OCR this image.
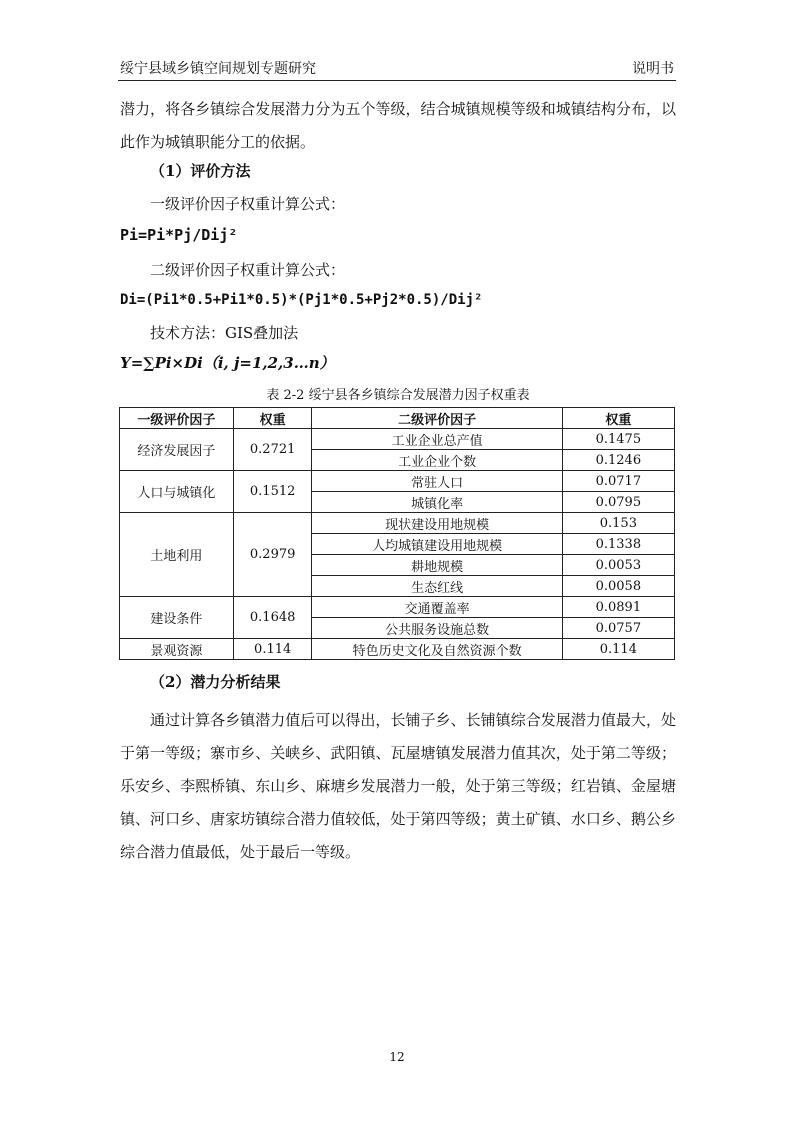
绥宁县域乡镇空间规划专题研究	说明书

潜力，将各乡镇综合发展潜力分为五个等级，结合城镇规模等级和城镇结构分布，以此作为城镇职能分工的依据。

（1）评价方法
一级评价因子权重计算公式：
Pi=Pi*Pj/Dij²
二级评价因子权重计算公式：
Di=(Pi1*0.5+Pi1*0.5)*(Pj1*0.5+Pj2*0.5)/Dij²
技术方法：GIS叠加法
Y=∑Pi×Di（i, j=1,2,3…n）
表 2-2 绥宁县各乡镇综合发展潜力因子权重表
一级评价因子	权重	二级评价因子	权重
经济发展因子	0.2721	工业企业总产值	0.1475
		工业企业个数	0.1246
人口与城镇化	0.1512	常驻人口	0.0717
		城镇化率	0.0795
土地利用	0.2979	现状建设用地规模	0.153
		人均城镇建设用地规模	0.1338
		耕地规模	0.0053
		生态红线	0.0058
建设条件	0.1648	交通覆盖率	0.0891
		公共服务设施总数	0.0757
景观资源	0.114	特色历史文化及自然资源个数	0.114
（2）潜力分析结果

通过计算各乡镇潜力值后可以得出，长铺子乡、长铺镇综合发展潜力值最大，处于第一等级；寨市乡、关峡乡、武阳镇、瓦屋塘镇发展潜力值其次，处于第二等级；乐安乡、李熙桥镇、东山乡、麻塘乡发展潜力一般，处于第三等级；红岩镇、金屋塘镇、河口乡、唐家坊镇综合潜力值较低，处于第四等级；黄土矿镇、水口乡、鹅公乡综合潜力值最低，处于最后一等级。

12
